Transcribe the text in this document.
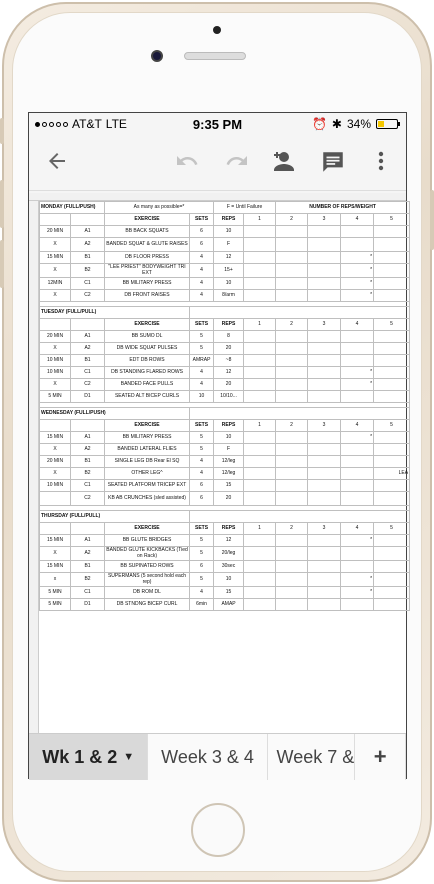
AT&T LTE	9:35 PM	⏰ ✱ 34%
MONDAY (FULL/PUSH)		As many as possible=*		F = Until Failure		NUMBER OF REPS/WEIGHT			
		EXERCISE	SETS	REPS	1	2	3	4	5
20 MIN	A1	BB BACK SQUATS	6	10					
X	A2	BANDED SQUAT & GLUTE RAISES	6	F					
15 MIN	B1	DB FLOOR PRESS	4	12				*	

X	B2	"LEE PRIEST" BODYWEIGHT TRI EXT	4	15+				*	

12MIN	C1	BB MILITARY PRESS	4	10				*	

X	C2	DB FRONT RAISES	4	8/arm				*	

TUESDAY (FULL/PULL)									
		EXERCISE	SETS	REPS	1	2	3	4	5
20 MIN	A1	BB SUMO DL	5	8					
X	A2	DB WIDE SQUAT PULSES	5	20					
10 MIN	B1	EDT DB ROWS	AMRAP	~8					
10 MIN	C1	DB STANDING FLARED ROWS	4	12				*	

X	C2	BANDED FACE PULLS	4	20				*	

5 MIN	D1	SEATED ALT BICEP CURLS	10	10/10...					

WEDNESDAY (FULL/PUSH)									
		EXERCISE	SETS	REPS	1	2	3	4	5
15 MIN	A1	BB MILITARY PRESS	5	10				*	

X	A2	BANDED LATERAL FLIES	5	F					
20 MIN	B1	SINGLE LEG DB Rear El SQ	4	12/leg					
X	B2	OTHER LEG^	4	12/leg					LEA
10 MIN	C1	SEATED PLATFORM TRICEP EXT	6	15					
	C2	KB AB CRUNCHES (sled assisted)	6	20					

THURSDAY (FULL/PULL)									
		EXERCISE	SETS	REPS	1	2	3	4	5
15 MIN	A1	BB GLUTE BRIDGES	5	12				*	

X	A2	BANDED GLUTE KICKBACKS (Tied on Rack)	5	20/leg					
15 MIN	B1	BB SUPINATED ROWS	6	30sec					
x	B2	SUPERMANS (5 second hold each rep)	5	10				*	

5 MIN	C1	DB ROM DL	4	15				*	

5 MIN	D1	DB STNDNG BICEP CURL	6min	AMAP					
Wk 1 & 2 ▼ Week 3 & 4 Week 7 & +
